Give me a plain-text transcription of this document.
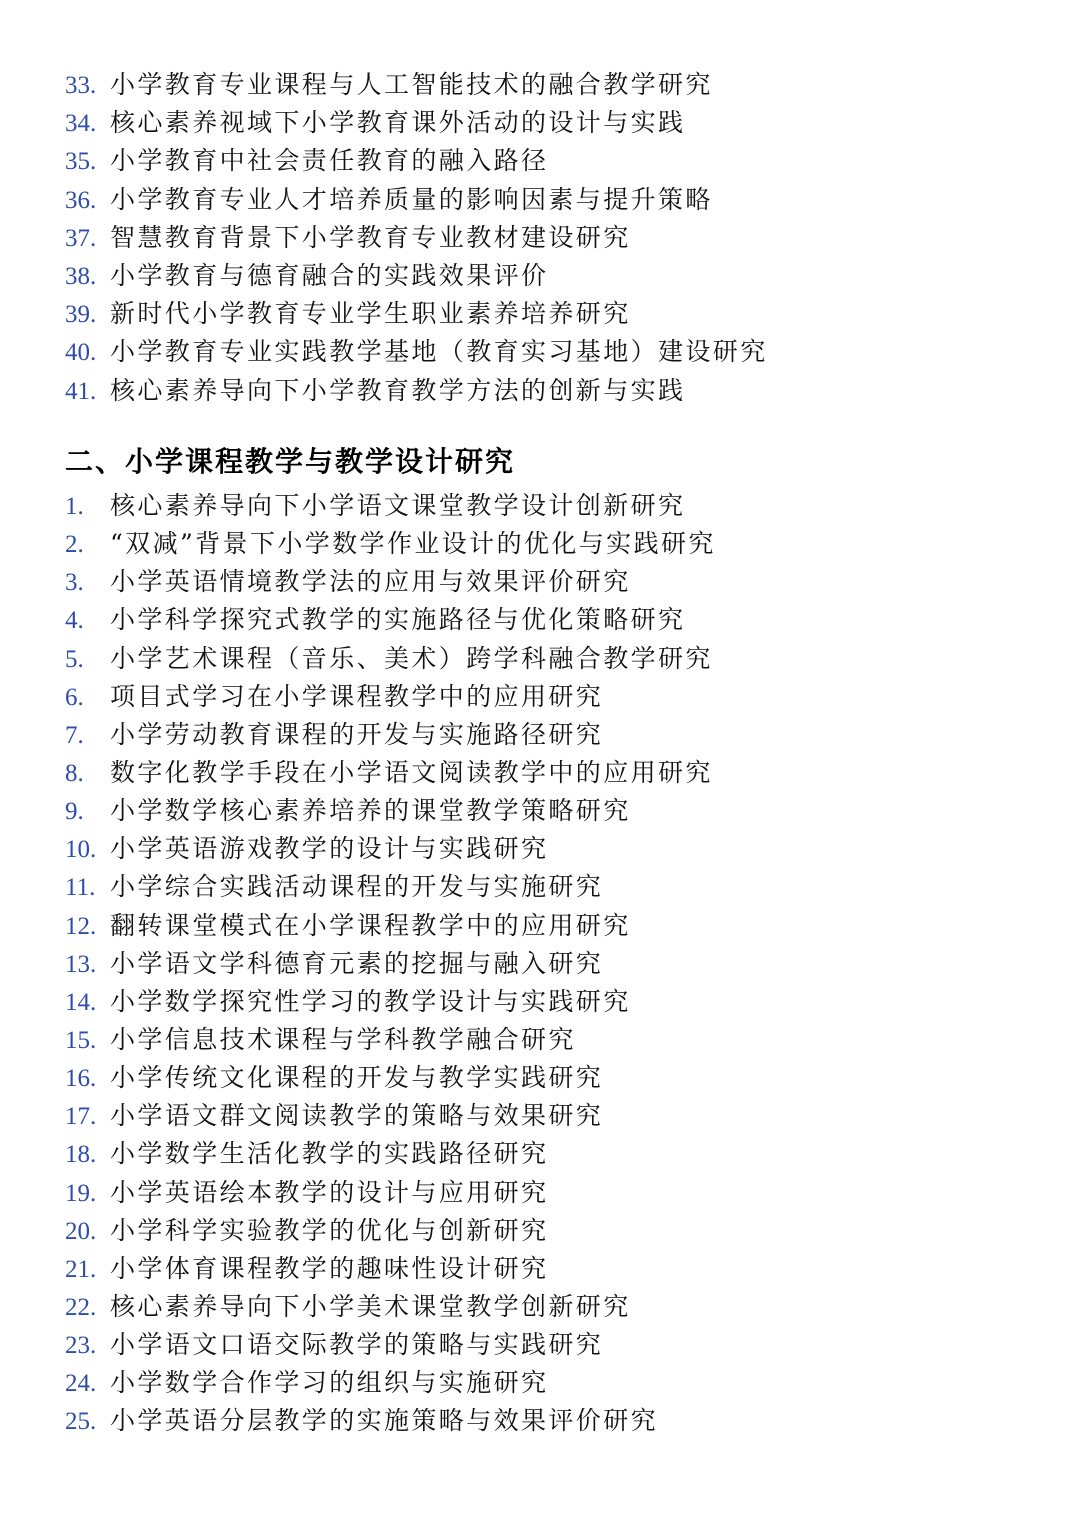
33. 小学教育专业课程与人工智能技术的融合教学研究
34. 核心素养视域下小学教育课外活动的设计与实践
35. 小学教育中社会责任教育的融入路径
36. 小学教育专业人才培养质量的影响因素与提升策略
37. 智慧教育背景下小学教育专业教材建设研究
38. 小学教育与德育融合的实践效果评价
39. 新时代小学教育专业学生职业素养培养研究
40. 小学教育专业实践教学基地（教育实习基地）建设研究
41. 核心素养导向下小学教育教学方法的创新与实践
二、小学课程教学与教学设计研究
1. 核心素养导向下小学语文课堂教学设计创新研究
2. “双减”背景下小学数学作业设计的优化与实践研究
3. 小学英语情境教学法的应用与效果评价研究
4. 小学科学探究式教学的实施路径与优化策略研究
5. 小学艺术课程（音乐、美术）跨学科融合教学研究
6. 项目式学习在小学课程教学中的应用研究
7. 小学劳动教育课程的开发与实施路径研究
8. 数字化教学手段在小学语文阅读教学中的应用研究
9. 小学数学核心素养培养的课堂教学策略研究
10. 小学英语游戏教学的设计与实践研究
11. 小学综合实践活动课程的开发与实施研究
12. 翻转课堂模式在小学课程教学中的应用研究
13. 小学语文学科德育元素的挖掘与融入研究
14. 小学数学探究性学习的教学设计与实践研究
15. 小学信息技术课程与学科教学融合研究
16. 小学传统文化课程的开发与教学实践研究
17. 小学语文群文阅读教学的策略与效果研究
18. 小学数学生活化教学的实践路径研究
19. 小学英语绘本教学的设计与应用研究
20. 小学科学实验教学的优化与创新研究
21. 小学体育课程教学的趣味性设计研究
22. 核心素养导向下小学美术课堂教学创新研究
23. 小学语文口语交际教学的策略与实践研究
24. 小学数学合作学习的组织与实施研究
25. 小学英语分层教学的实施策略与效果评价研究
